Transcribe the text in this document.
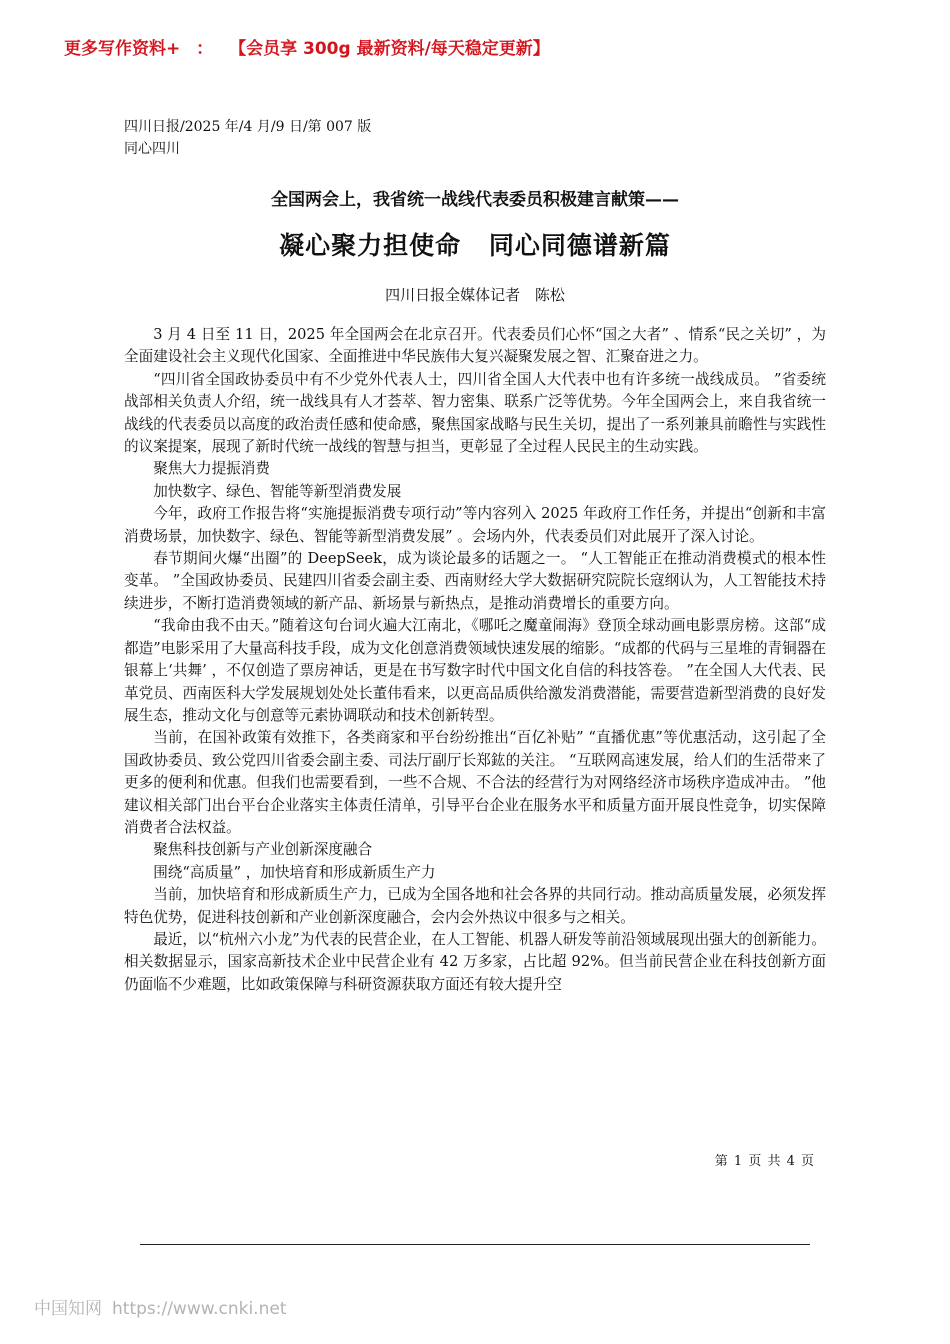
更多写作资料+ ： 【会员享 300g 最新资料/每天稳定更新】
四川日报/2025 年/4 月/9 日/第 007 版同心四川
全国两会上，我省统一战线代表委员积极建言献策——
凝心聚力担使命 同心同德谱新篇
四川日报全媒体记者 陈松

3 月 4 日至 11 日，2025 年全国两会在北京召开。代表委员们心怀“国之大者” 、情系“民之关切” ，为全面建设社会主义现代化国家、全面推进中华民族伟大复兴凝聚发展之智、汇聚奋进之力。

“四川省全国政协委员中有不少党外代表人士，四川省全国人大代表中也有许多统一战线成员。 ”省委统战部相关负责人介绍，统一战线具有人才荟萃、智力密集、联系广泛等优势。今年全国两会上，来自我省统一战线的代表委员以高度的政治责任感和使命感，聚焦国家战略与民生关切，提出了一系列兼具前瞻性与实践性的议案提案，展现了新时代统一战线的智慧与担当，更彰显了全过程人民民主的生动实践。

聚焦大力提振消费

加快数字、绿色、智能等新型消费发展

今年，政府工作报告将“实施提振消费专项行动”等内容列入 2025 年政府工作任务，并提出“创新和丰富消费场景，加快数字、绿色、智能等新型消费发展” 。会场内外，代表委员们对此展开了深入讨论。

春节期间火爆“出圈”的 DeepSeek，成为谈论最多的话题之一。 “人工智能正在推动消费模式的根本性变革。 ”全国政协委员、民建四川省委会副主委、西南财经大学大数据研究院院长寇纲认为，人工智能技术持续进步，不断打造消费领域的新产品、新场景与新热点，是推动消费增长的重要方向。

“我命由我不由天。”随着这句台词火遍大江南北，《哪吒之魔童闹海》登顶全球动画电影票房榜。这部“成都造”电影采用了大量高科技手段，成为文化创意消费领域快速发展的缩影。“成都的代码与三星堆的青铜器在银幕上‘共舞’ ，不仅创造了票房神话，更是在书写数字时代中国文化自信的科技答卷。 ”在全国人大代表、民革党员、西南医科大学发展规划处处长董伟看来，以更高品质供给激发消费潜能，需要营造新型消费的良好发展生态，推动文化与创意等元素协调联动和技术创新转型。

当前，在国补政策有效推下，各类商家和平台纷纷推出“百亿补贴” “直播优惠”等优惠活动，这引起了全国政协委员、致公党四川省委会副主委、司法厅副厅长郑鈜的关注。 “互联网高速发展，给人们的生活带来了更多的便利和优惠。但我们也需要看到，一些不合规、不合法的经营行为对网络经济市场秩序造成冲击。 ”他建议相关部门出台平台企业落实主体责任清单，引导平台企业在服务水平和质量方面开展良性竞争，切实保障消费者合法权益。

聚焦科技创新与产业创新深度融合

围绕“高质量” ，加快培育和形成新质生产力

当前，加快培育和形成新质生产力，已成为全国各地和社会各界的共同行动。推动高质量发展，必须发挥特色优势，促进科技创新和产业创新深度融合，会内会外热议中很多与之相关。

最近，以“杭州六小龙”为代表的民营企业，在人工智能、机器人研发等前沿领域展现出强大的创新能力。相关数据显示，国家高新技术企业中民营企业有 42 万多家，占比超 92%。但当前民营企业在科技创新方面仍面临不少难题，比如政策保障与科研资源获取方面还有较大提升空

第 1 页 共 4 页
中国知网 https://www.cnki.net
